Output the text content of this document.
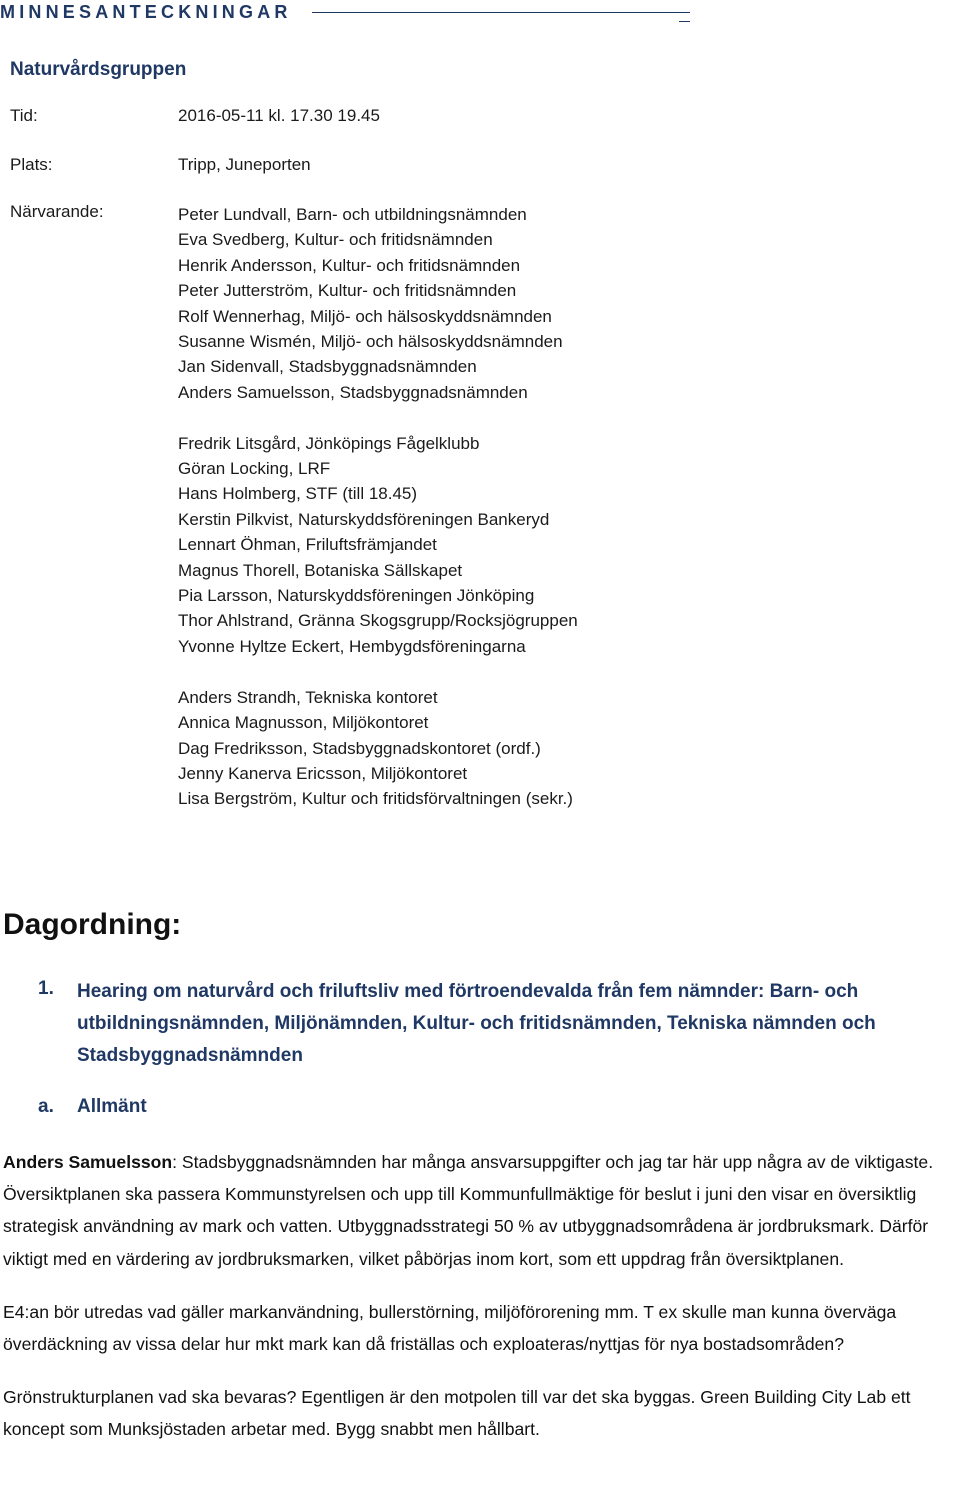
MINNESANTECKNINGAR
Naturvårdsgruppen
Tid:	2016-05-11 kl. 17.30 19.45
Plats:	Tripp, Juneporten
Närvarande:	Peter Lundvall, Barn- och utbildningsnämnden
Eva Svedberg, Kultur- och fritidsnämnden
Henrik Andersson, Kultur- och fritidsnämnden
Peter Jutterström, Kultur- och fritidsnämnden
Rolf Wennerhag, Miljö- och hälsoskyddsnämnden
Susanne Wismén, Miljö- och hälsoskyddsnämnden
Jan Sidenvall, Stadsbyggnadsnämnden
Anders Samuelsson, Stadsbyggnadsnämnden
Fredrik Litsgård, Jönköpings Fågelklubb
Göran Locking, LRF
Hans Holmberg, STF (till 18.45)
Kerstin Pilkvist, Naturskyddsföreningen Bankeryd
Lennart Öhman, Friluftsfrämjandet
Magnus Thorell, Botaniska Sällskapet
Pia Larsson, Naturskyddsföreningen Jönköping
Thor Ahlstrand, Gränna Skogsgrupp/Rocksjögruppen
Yvonne Hyltze Eckert, Hembygdsföreningarna
Anders Strandh, Tekniska kontoret
Annica Magnusson, Miljökontoret
Dag Fredriksson, Stadsbyggnadskontoret (ordf.)
Jenny Kanerva Ericsson, Miljökontoret
Lisa Bergström, Kultur och fritidsförvaltningen (sekr.)
Dagordning:
1. Hearing om naturvård och friluftsliv med förtroendevalda från fem nämnder: Barn- och utbildningsnämnden, Miljönämnden, Kultur- och fritidsnämnden, Tekniska nämnden och Stadsbyggnadsnämnden
a. Allmänt

Anders Samuelsson: Stadsbyggnadsnämnden har många ansvarsuppgifter och jag tar här upp några av de viktigaste. Översiktplanen ska passera Kommunstyrelsen och upp till Kommunfullmäktige för beslut i juni den visar en översiktlig strategisk användning av mark och vatten. Utbyggnadsstrategi 50 % av utbyggnadsområdena är jordbruksmark. Därför viktigt med en värdering av jordbruksmarken, vilket påbörjas inom kort, som ett uppdrag från översiktplanen.

E4:an bör utredas vad gäller markanvändning, bullerstörning, miljöförorening mm. T ex skulle man kunna överväga överdäckning av vissa delar hur mkt mark kan då friställas och exploateras/nyttjas för nya bostadsområden?

Grönstrukturplanen vad ska bevaras? Egentligen är den motpolen till var det ska byggas. Green Building City Lab ett koncept som Munksjöstaden arbetar med. Bygg snabbt men hållbart.
